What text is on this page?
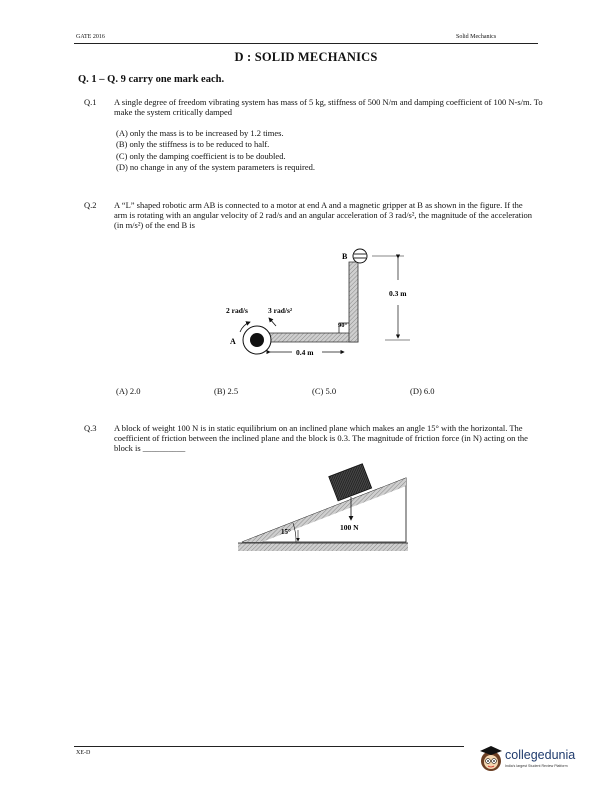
GATE 2016	Solid Mechanics
D : SOLID MECHANICS
Q. 1 – Q. 9 carry one mark each.
Q.1 A single degree of freedom vibrating system has mass of 5 kg, stiffness of 500 N/m and damping coefficient of 100 N-s/m. To make the system critically damped
(A) only the mass is to be increased by 1.2 times.
(B) only the stiffness is to be reduced to half.
(C) only the damping coefficient is to be doubled.
(D) no change in any of the system parameters is required.
Q.2 A “L” shaped robotic arm AB is connected to a motor at end A and a magnetic gripper at B as shown in the figure. If the arm is rotating with an angular velocity of 2 rad/s and an angular acceleration of 3 rad/s², the magnitude of the acceleration (in m/s²) of the end B is
B
A
0.3 m
0.4 m
90°
2 rad/s	3 rad/s²
15°	100 N
(A) 2.0	(B) 2.5	(C) 5.0	(D) 6.0
Q.3 A block of weight 100 N is in static equilibrium on an inclined plane which makes an angle 15° with the horizontal. The coefficient of friction between the inclined plane and the block is 0.3. The magnitude of friction force (in N) acting on the block is __________
XE-D	collegedunia
India's largest Student Review Platform
